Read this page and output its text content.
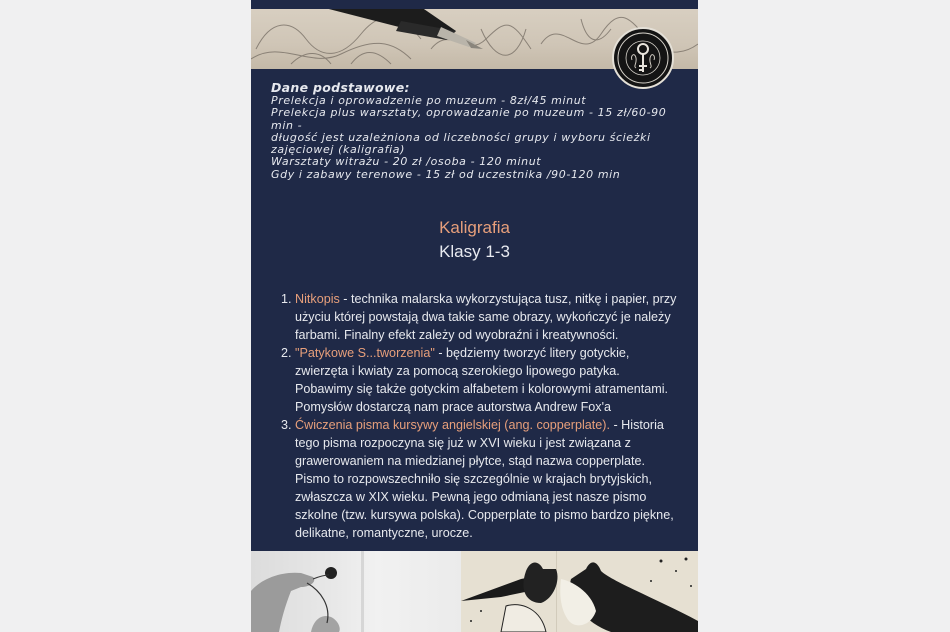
Dane podstawowe:
Prelekcja i oprowadzenie po muzeum - 8zł/45 minut
Prelekcja plus warsztaty, oprowadzanie po muzeum - 15 zł/60-90 min -
długość jest uzależniona od liczebności grupy i wyboru ścieżki
zajęciowej (kaligrafia)
Warsztaty witrażu - 20 zł /osoba - 120 minut
Gdy i zabawy terenowe - 15 zł od uczestnika /90-120 min
Kaligrafia
Klasy 1-3

1. Nitkopis - technika malarska wykorzystująca tusz, nitkę i papier, przy użyciu której powstają dwa takie same obrazy, wykończyć je należy farbami. Finalny efekt zależy od wyobraźni i kreatywności.

2. "Patykowe S...tworzenia" - będziemy tworzyć litery gotyckie, zwierzęta i kwiaty za pomocą szerokiego lipowego patyka. Pobawimy się także gotyckim alfabetem i kolorowymi atramentami. Pomysłów dostarczą nam prace autorstwa Andrew Fox'a

3. Ćwiczenia pisma kursywy angielskiej (ang. copperplate). - Historia tego pisma rozpoczyna się już w XVI wieku i jest związana z grawerowaniem na miedzianej płytce, stąd nazwa copperplate. Pismo to rozpowszechniło się szczególnie w krajach brytyjskich, zwłaszcza w XIX wieku. Pewną jego odmianą jest nasze pismo szkolne (tzw. kursywa polska). Copperplate to pismo bardzo piękne, delikatne, romantyczne, urocze.
